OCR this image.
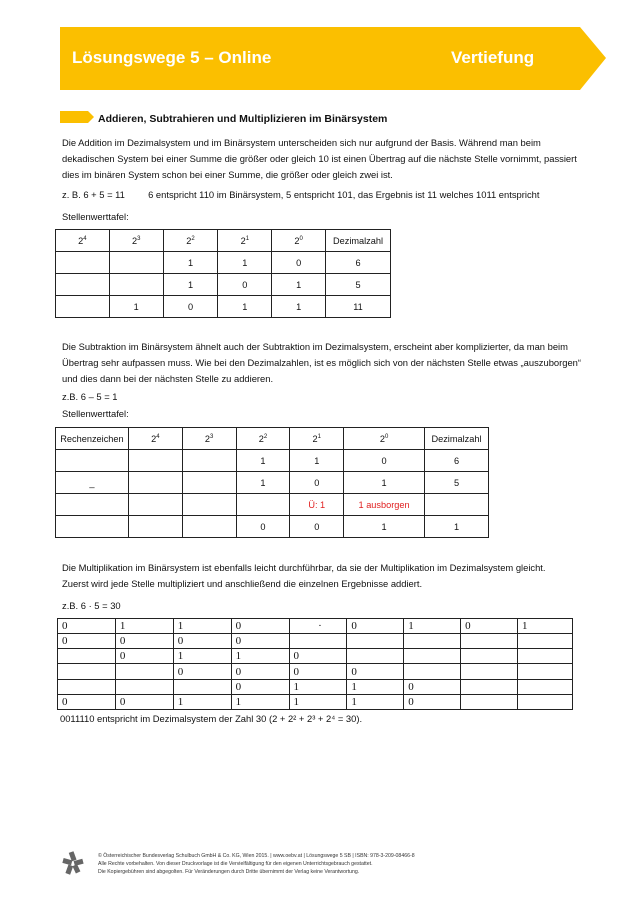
Lösungswege 5 – Online	Vertiefung
Addieren, Subtrahieren und Multiplizieren im Binärsystem
Die Addition im Dezimalsystem und im Binärsystem unterscheiden sich nur aufgrund der Basis. Während man beim
dekadischen System bei einer Summe die größer oder gleich 10 ist einen Übertrag auf die nächste Stelle vornimmt, passiert
dies im binären System schon bei einer Summe, die größer oder gleich zwei ist.
z. B. 6 + 5 = 11 6 entspricht 110 im Binärsystem, 5 entspricht 101, das Ergebnis ist 11 welches 1011 entspricht
Stellenwerttafel:
$2^4$	$2^3$	$2^2$	$2^1$	$2^0$	Dezimalzahl
		1	1	0	6
		1	0	1	5
	1	0	1	1	11
Die Subtraktion im Binärsystem ähnelt auch der Subtraktion im Dezimalsystem, erscheint aber komplizierter, da man beim
Übertrag sehr aufpassen muss. Wie bei den Dezimalzahlen, ist es möglich sich von der nächsten Stelle etwas „auszuborgen“
und dies dann bei der nächsten Stelle zu addieren.
z.B. 6 – 5 = 1
Stellenwerttafel:
Rechenzeichen	$2^4$	$2^3$	$2^2$	$2^1$	$2^0$	Dezimalzahl
			1	1	0	6
_			1	0	1	5
				Ü: 1	1 ausborgen	
			0	0	1	1
Die Multiplikation im Binärsystem ist ebenfalls leicht durchführbar, da sie der Multiplikation im Dezimalsystem gleicht.
Zuerst wird jede Stelle multipliziert und anschließend die einzelnen Ergebnisse addiert.
z.B. 6 · 5 = 30
0	1	1	0	·	0	1	0	1
0	0	0	0					
	0	1	1	0				
		0	0	0	0			
			0	1	1	0		
0	0	1	1	1	1	0		
0011110 entspricht im Dezimalsystem der Zahl 30 (2 + 2² + 2³ + 2⁴ = 30).
© Österreichischer Bundesverlag Schulbuch GmbH & Co. KG, Wien 2015. | www.oebv.at | Lösungswege 5 SB | ISBN: 978-3-209-08466-8
Alle Rechte vorbehalten. Von dieser Druckvorlage ist die Vervielfältigung für den eigenen Unterrichtsgebrauch gestattet.
Die Kopiergebühren sind abgegolten. Für Veränderungen durch Dritte übernimmt der Verlag keine Verantwortung.
